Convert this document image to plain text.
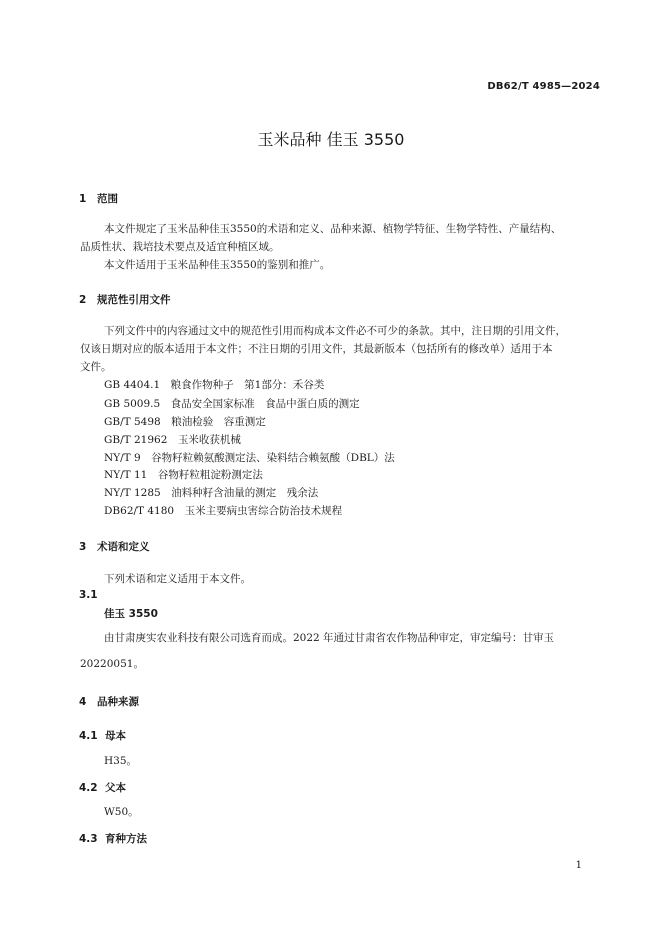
DB62/T 4985—2024
玉米品种 佳玉 3550
1 范围
本文件规定了玉米品种佳玉3550的术语和定义、品种来源、植物学特征、生物学特性、产量结构、
品质性状、栽培技术要点及适宜种植区域。
本文件适用于玉米品种佳玉3550的鉴别和推广。
2 规范性引用文件
下列文件中的内容通过文中的规范性引用而构成本文件必不可少的条款。其中，注日期的引用文件，
仅该日期对应的版本适用于本文件；不注日期的引用文件，其最新版本（包括所有的修改单）适用于本
文件。
GB 4404.1　粮食作物种子　第1部分：禾谷类
GB 5009.5　食品安全国家标准　食品中蛋白质的测定
GB/T 5498　粮油检验　容重测定
GB/T 21962　玉米收获机械
NY/T 9　谷物籽粒赖氨酸测定法、染料结合赖氨酸（DBL）法
NY/T 11　谷物籽粒粗淀粉测定法
NY/T 1285　油料种籽含油量的测定　残余法
DB62/T 4180　玉米主要病虫害综合防治技术规程
3 术语和定义
下列术语和定义适用于本文件。
3.1
佳玉 3550
由甘肃庚实农业科技有限公司选育而成。2022 年通过甘肃省农作物品种审定，审定编号：甘审玉
20220051。
4 品种来源
4.1 母本
H35。
4.2 父本
W50。
4.3 育种方法
1
